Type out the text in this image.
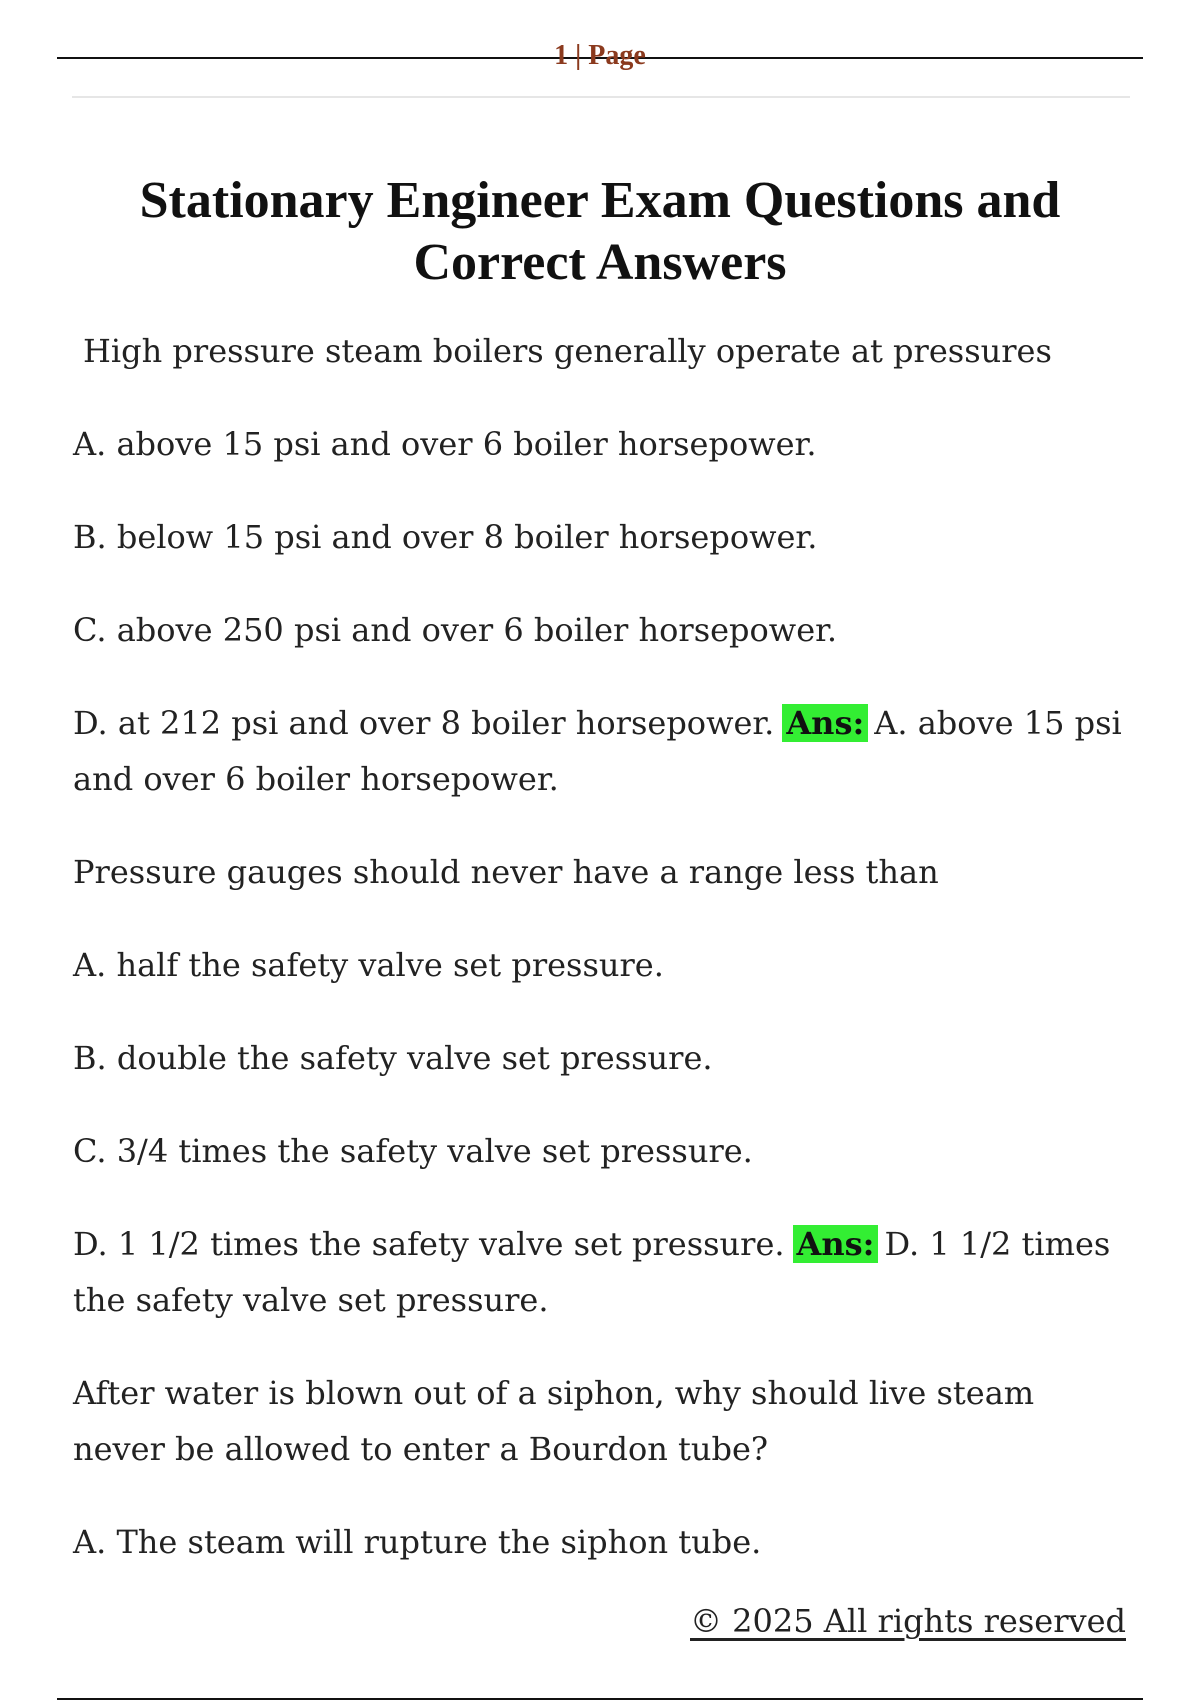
1 | Page
Stationary Engineer Exam Questions and Correct Answers

High pressure steam boilers generally operate at pressures

A. above 15 psi and over 6 boiler horsepower.

B. below 15 psi and over 8 boiler horsepower.

C. above 250 psi and over 6 boiler horsepower.

D. at 212 psi and over 8 boiler horsepower. Ans: A. above 15 psi and over 6 boiler horsepower.

Pressure gauges should never have a range less than

A. half the safety valve set pressure.

B. double the safety valve set pressure.

C. 3/4 times the safety valve set pressure.

D. 1 1/2 times the safety valve set pressure. Ans: D. 1 1/2 times the safety valve set pressure.

After water is blown out of a siphon, why should live steam never be allowed to enter a Bourdon tube?

A. The steam will rupture the siphon tube.

© 2025 All rights reserved
